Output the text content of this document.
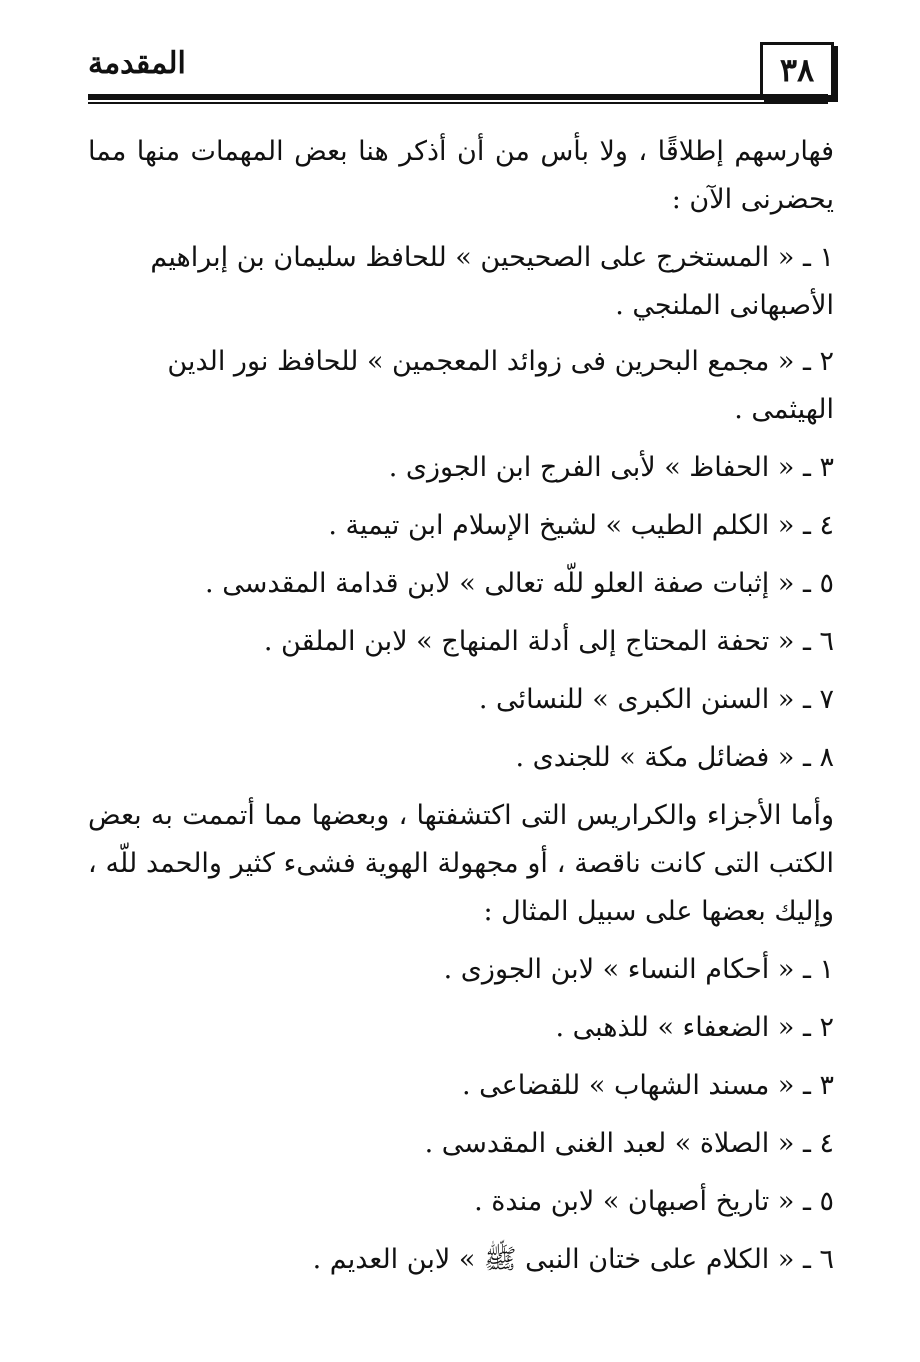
٣٨
المقدمة

فهارسهم إطلاقًا ، ولا بأس من أن أذكر هنا بعض المهمات منها مما يحضرنى الآن :

١ ـ « المستخرج على الصحيحين » للحافظ سليمان بن إبراهيم الأصبهانى الملنجي .
٢ ـ « مجمع البحرين فى زوائد المعجمين » للحافظ نور الدين الهيثمى .
٣ ـ « الحفاظ » لأبى الفرج ابن الجوزى .
٤ ـ « الكلم الطيب » لشيخ الإسلام ابن تيمية .
٥ ـ « إثبات صفة العلو للّه تعالى » لابن قدامة المقدسى .
٦ ـ « تحفة المحتاج إلى أدلة المنهاج » لابن الملقن .
٧ ـ « السنن الكبرى » للنسائى .
٨ ـ « فضائل مكة » للجندى .

وأما الأجزاء والكراريس التى اكتشفتها ، وبعضها مما أتممت به بعض الكتب التى كانت ناقصة ، أو مجهولة الهوية فشىء كثير والحمد للّه ، وإليك بعضها على سبيل المثال :

١ ـ « أحكام النساء » لابن الجوزى .
٢ ـ « الضعفاء » للذهبى .
٣ ـ « مسند الشهاب » للقضاعى .
٤ ـ « الصلاة » لعبد الغنى المقدسى .
٥ ـ « تاريخ أصبهان » لابن مندة .
٦ ـ « الكلام على ختان النبى ﷺ » لابن العديم .
